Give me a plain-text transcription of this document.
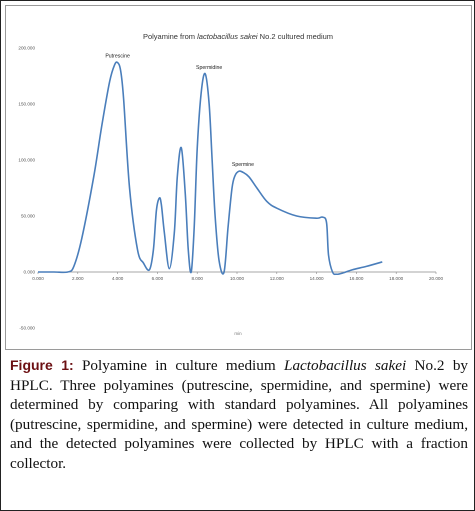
Polyamine from lactobacillus sakei No.2 cultured medium
-50.000
0.000
50.000
100.000
150.000
200.000
0.000	2.000	4.000	6.000	8.000	10.000	12.000	14.000	16.000	18.000	20.000
Putrescine
Spermidine
Spermine
min
Figure 1: Polyamine in culture medium Lactobacillus sakei No.2 by HPLC. Three polyamines (putrescine, spermidine, and spermine) were determined by comparing with standard polyamines. All polyamines (putrescine, spermidine, and spermine) were detected in culture medium, and the detected polyamines were collected by HPLC with a fraction collector.
